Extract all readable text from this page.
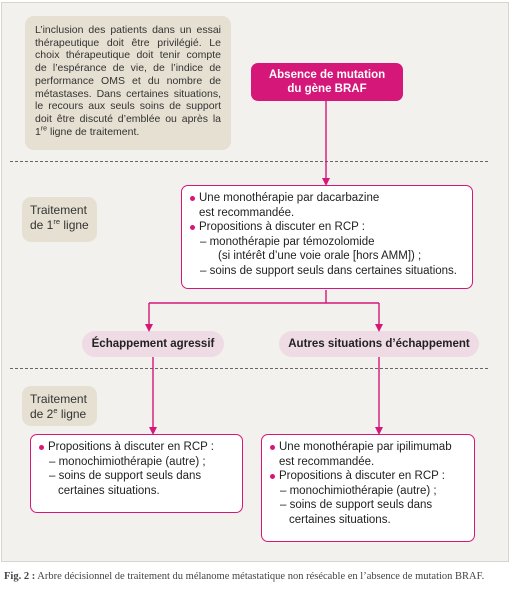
L’inclusion des patients dans un essai thérapeutique doit être privilégié. Le choix thérapeutique doit tenir compte de l’espérance de vie, de l’indice de performance OMS et du nombre de métastases. Dans certaines situations, le recours aux seuls soins de support doit être discuté d’emblée ou après la 1re ligne de traitement.
Absence de mutation
du gène BRAF
Traitement
de 1re ligne
Traitement
de 2e ligne
Une monothérapie par dacarbazine
est recommandée.
Propositions à discuter en RCP :
– monothérapie par témozolomide
(si intérêt d’une voie orale [hors AMM]) ;
– soins de support seuls dans certaines situations.
Échappement agressif	Autres situations d’échappement
Propositions à discuter en RCP :
– monochimiothérapie (autre) ;
– soins de support seuls dans
certaines situations.
Une monothérapie par ipilimumab
est recommandée.
Propositions à discuter en RCP :
– monochimiothérapie (autre) ;
– soins de support seuls dans
certaines situations.
Fig. 2 : Arbre décisionnel de traitement du mélanome métastatique non résécable en l’absence de mutation BRAF.
